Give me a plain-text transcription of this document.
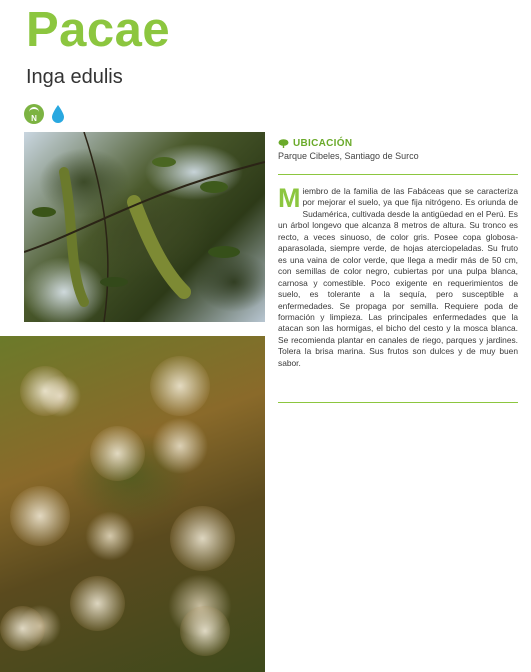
Pacae
Inga edulis
N
UBICACIÓN
Parque Cibeles, Santiago de Surco

Miembro de la familia de las Fabáceas que se caracteriza por mejorar el suelo, ya que fija nitrógeno. Es oriunda de Sudamérica, cultivada desde la antigüedad en el Perú. Es un árbol longevo que alcanza 8 metros de altura. Su tronco es recto, a veces sinuoso, de color gris. Posee copa globosa-aparasolada, siempre verde, de hojas aterciopeladas. Su fruto es una vaina de color verde, que llega a medir más de 50 cm, con semillas de color negro, cubiertas por una pulpa blanca, carnosa y comestible. Poco exigente en requerimientos de suelo, es tolerante a la sequía, pero susceptible a enfermedades. Se propaga por semilla. Requiere poda de formación y limpieza. Las principales enfermedades que la atacan son las hormigas, el bicho del cesto y la mosca blanca. Se recomienda plantar en canales de riego, parques y jardines. Tolera la brisa marina. Sus frutos son dulces y de muy buen sabor.
